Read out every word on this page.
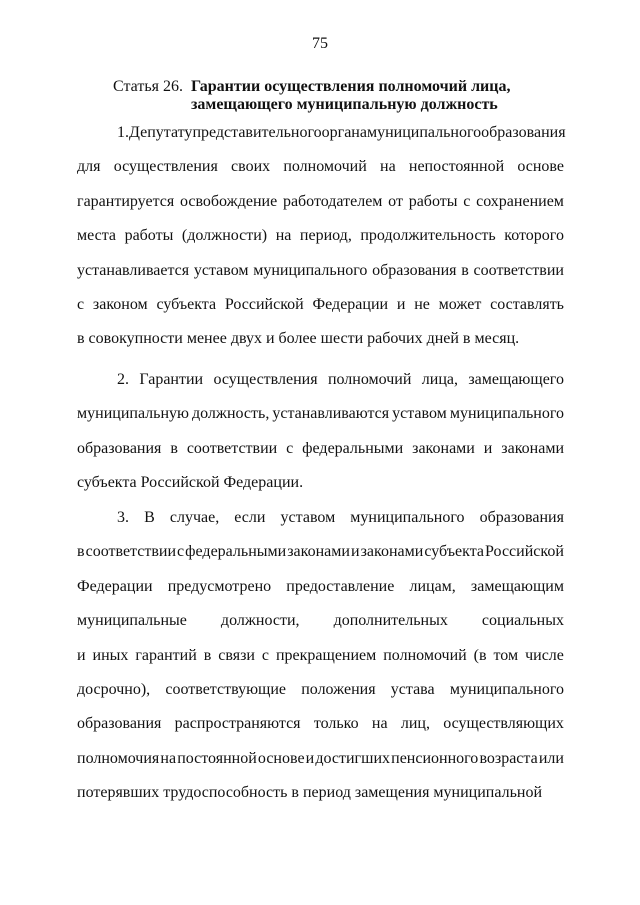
75
Статья 26. Гарантии осуществления полномочий лица,
замещающего муниципальную должность
1. Депутату представительного органа муниципального образования
для осуществления своих полномочий на непостоянной основе
гарантируется освобождение работодателем от работы с сохранением
места работы (должности) на период, продолжительность которого
устанавливается уставом муниципального образования в соответствии
с законом субъекта Российской Федерации и не может составлять
в совокупности менее двух и более шести рабочих дней в месяц.
2. Гарантии осуществления полномочий лица, замещающего
муниципальную должность, устанавливаются уставом муниципального
образования в соответствии с федеральными законами и законами
субъекта Российской Федерации.
3. В случае, если уставом муниципального образования
в соответствии с федеральными законами и законами субъекта Российской
Федерации предусмотрено предоставление лицам, замещающим
муниципальные должности, дополнительных социальных
и иных гарантий в связи с прекращением полномочий (в том числе
досрочно), соответствующие положения устава муниципального
образования распространяются только на лиц, осуществляющих
полномочия на постоянной основе и достигших пенсионного возраста или
потерявших трудоспособность в период замещения муниципальной
